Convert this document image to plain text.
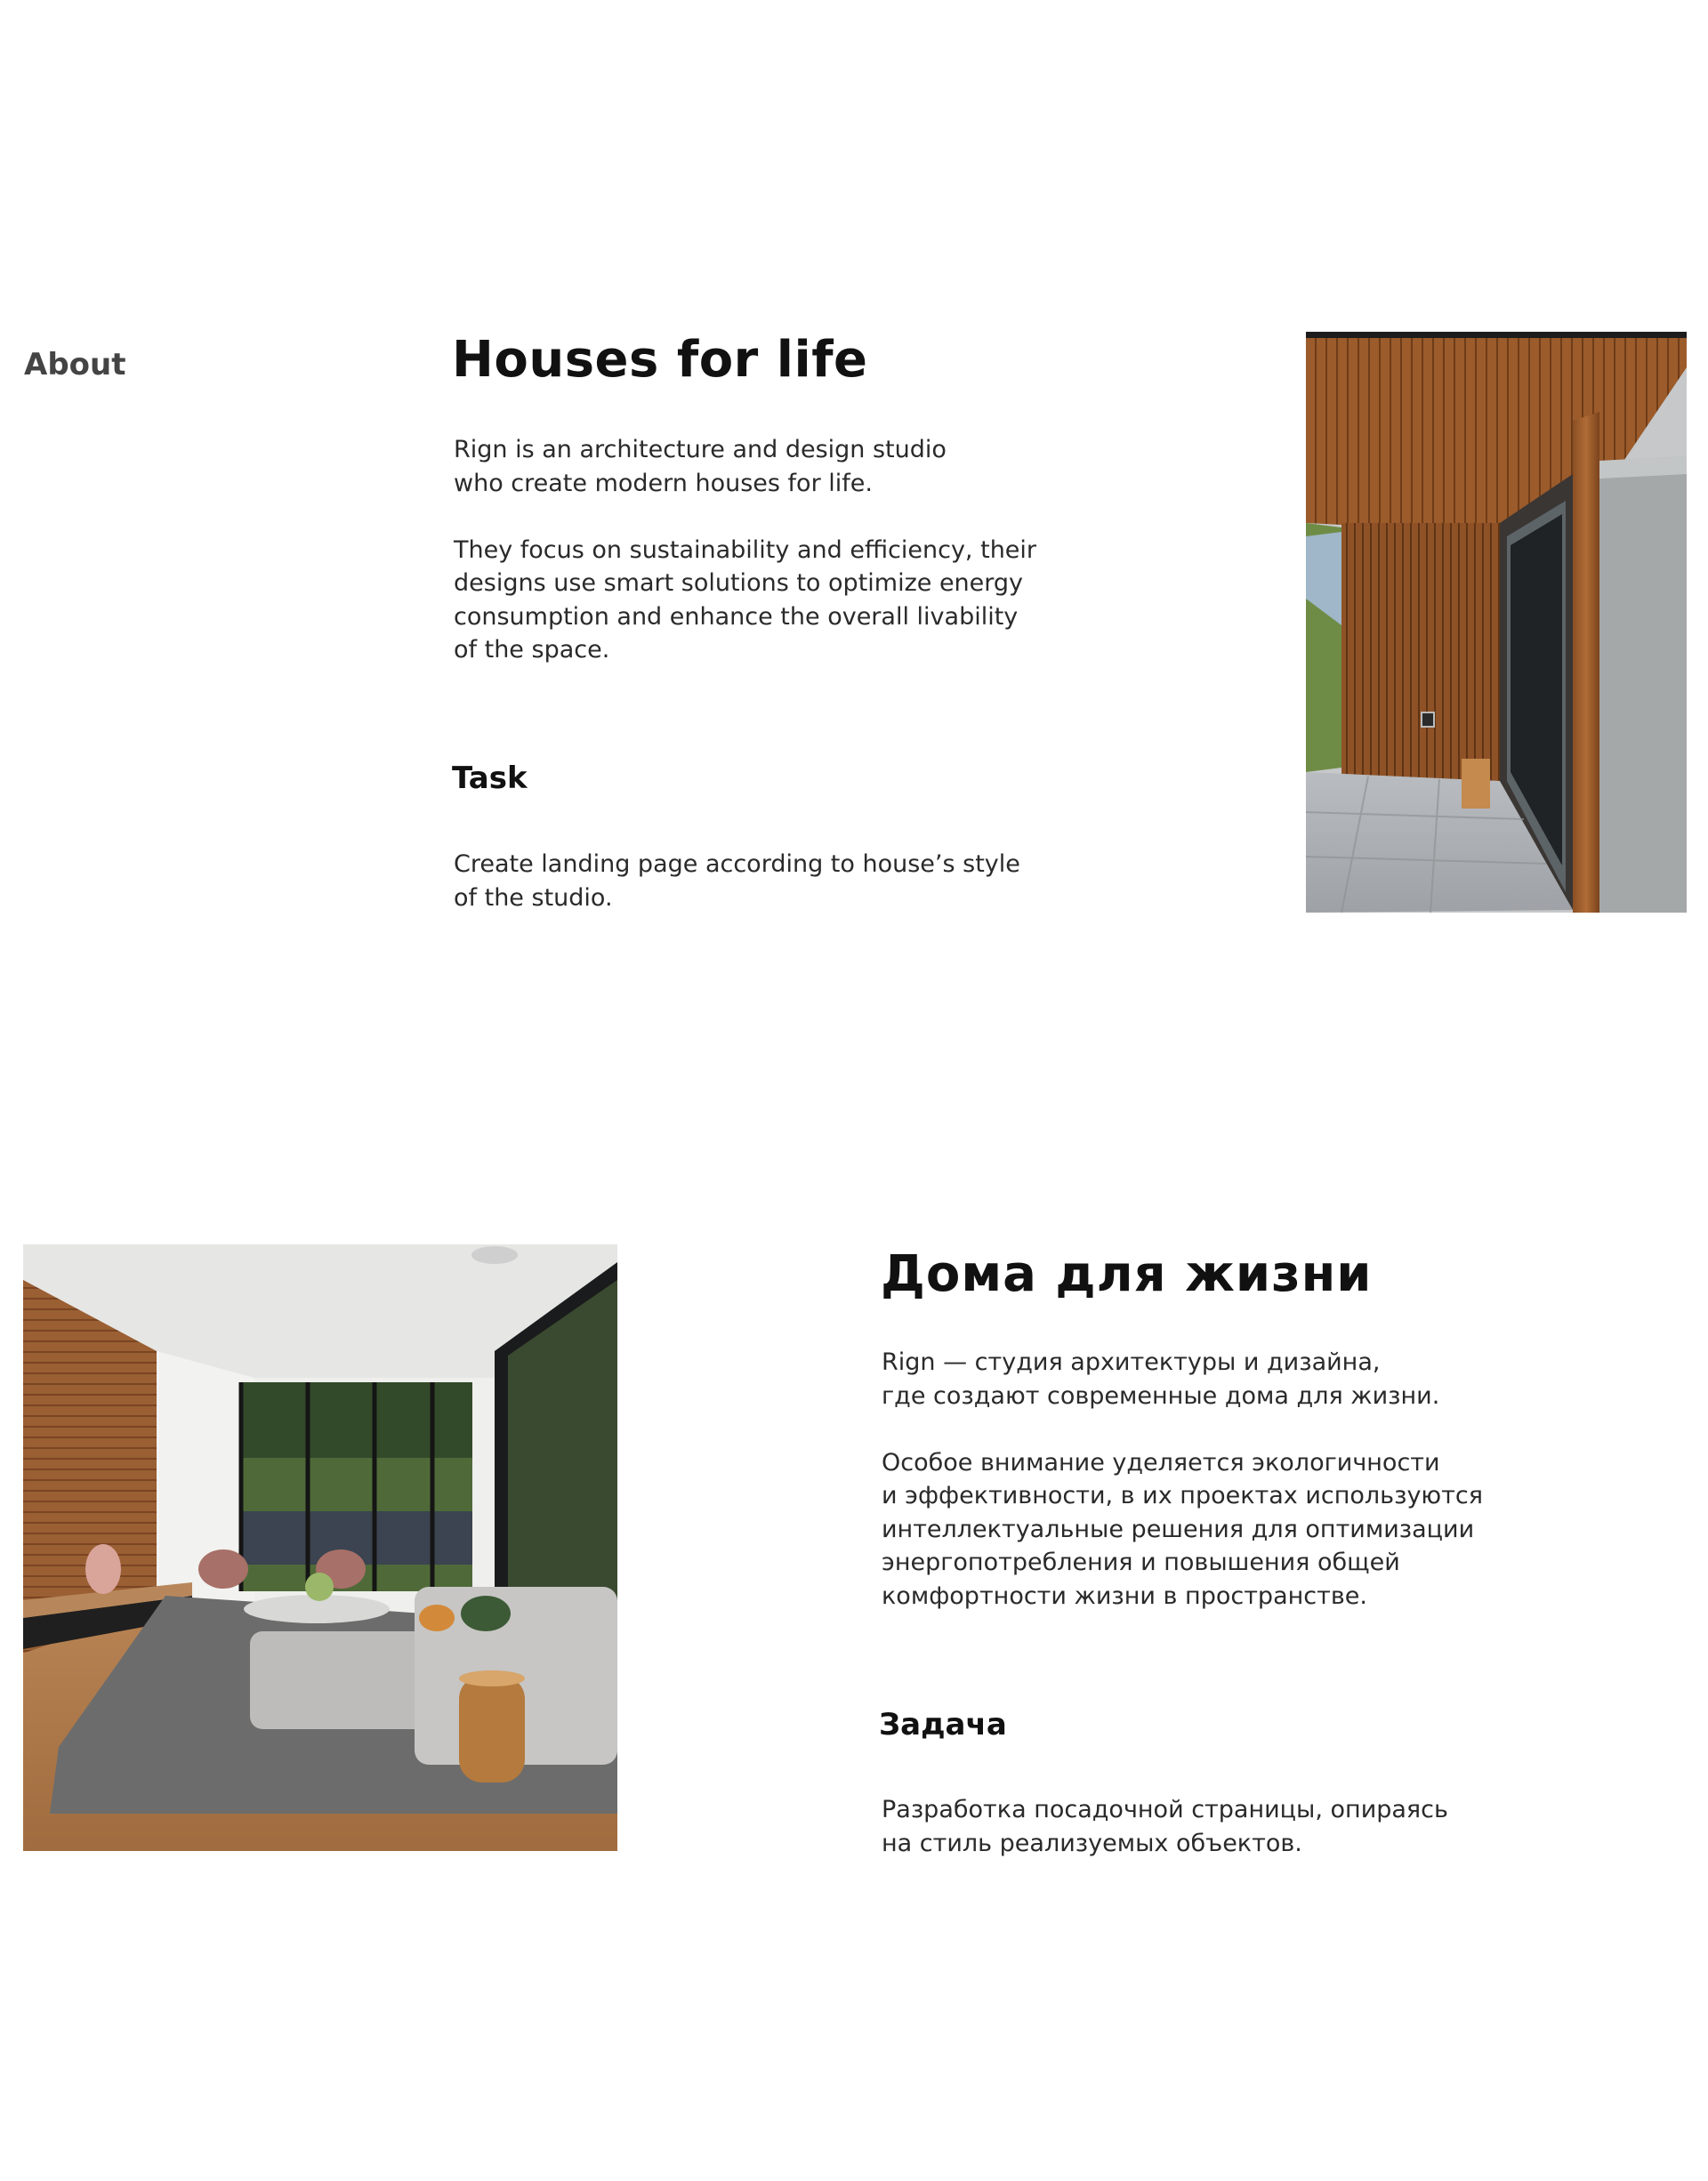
About	Houses for life

Rign is an architecture and design studio
who create modern houses for life.

They focus on sustainability and efficiency, their
designs use smart solutions to optimize energy
consumption and enhance the overall livability
of the space.

Task
Create landing page according to house’s style
of the studio.
Дома для жизни

Rign — студия архитектуры и дизайна,
где создают современные дома для жизни.

Особое внимание уделяется экологичности
и эффективности, в их проектах используются
интеллектуальные решения для оптимизации
энергопотребления и повышения общей
комфортности жизни в пространстве.

Задача
Разработка посадочной страницы, опираясь
на стиль реализуемых объектов.
